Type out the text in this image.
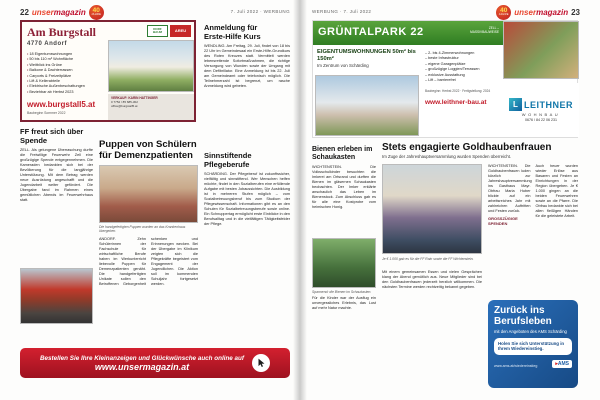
22 unsermagazin 40
JAHRE
7. Juli 2022 · WERBUNG
Am Burgstall
4770 Andorf
DORF
BAUM	AREU
• 18 Eigentumswohnungen
• 50 bis 110 m² Wohnfläche
• Weitblick ins Grüne
• Balkone & Dachterrassen
• Carports & Freizeitplätze
• Lift & Kellerabteile
• Elektrische Außenbeschattungen
• Beziehbar ab Herbst 2023
www.burgstall5.at
Baubeginn Sommer 2022
VERKAUF: KARIN HATTINGER
0 7752 / 85 685-302
office@burgstall5.at
FF freut sich über Spende
ZELL. Als gelungene Überraschung durfte die Freiwillige Feuerwehr Zell eine großzügige Spende entgegennehmen. Die Kameraden bedankten sich bei der Bevölkerung für die langjährige Unterstützung. Mit dem Betrag werden neue Ausrüstung angeschafft und die Jugendarbeit weiter gefördert. Die Übergabe fand im Rahmen eines gemütlichen Abends im Feuerwehrhaus statt.
Puppen von Schülern
für Demenzpatienten
Die handgefertigten Puppen wurden an das Krankenhaus übergeben.
ANDORF. Zehn Schülerinnen der Fachschule für wirtschaftliche Berufe haben im Werkunterricht liebevolle Puppen für Demenzpatienten genäht. Die handgefertigten Unikate sollen den Betroffenen Geborgenheit schenken und Erinnerungen wecken. Bei der Übergabe im Klinikum zeigten sich die Pflegekräfte begeistert vom Engagement der Jugendlichen. Die Aktion soll im kommenden Schuljahr fortgesetzt werden.
Anmeldung für
Erste-Hilfe Kurs
WENDLING. Am Freitag, 29. Juli, findet von 18 bis 22 Uhr im Gemeindesaal ein Erste-Hilfe-Grundkurs des Roten Kreuzes statt. Vermittelt werden lebensrettende Sofortmaßnahmen, die richtige Versorgung von Wunden sowie der Umgang mit dem Defibrillator. Eine Anmeldung ist bis 22. Juli am Gemeindeamt oder telefonisch möglich. Die Teilnehmerzahl ist begrenzt, um rasche Anmeldung wird gebeten.
Sinnstiftende
Pflegeberufe
SCHÄRDING. Der Pflegeberuf ist zukunftssicher, vielfältig und sinnstiftend. Wer Menschen helfen möchte, findet in den Sozialberufen eine erfüllende Aufgabe mit besten Jobaussichten. Die Ausbildung ist in mehreren Stufen möglich – vom Sozialbetreuungsberuf bis zum Studium der Pflegewissenschaft. Informationen gibt es an den Schulen für Sozialbetreuungsberufe sowie online. Ein Schnuppertag ermöglicht erste Einblicke in den Berufsalltag und in die vielfältigen Tätigkeitsfelder der Pflege.
Bestellen Sie Ihre Kleinanzeigen und Glückwünsche auch online auf
www.unsermagazin.at
WERBUNG · 7. Juli 2022	40
JAHRE unsermagazin 23
GRÜNTALPARK 22	ZELL –
MASSIVBAUWEISE
EIGENTUMSWOHNUNGEN 50m² bis 150m²
Im Zentrum von Schärding
– 2- bis 4-Zimmerwohnungen
– beste Infrastruktur
– eigene Garagenplätze
– großzügige Loggien/Terrassen
– exklusive Ausstattung
– Lift – barrierefrei
Baubeginn: Herbst 2022 · Fertigstellung: 2024
www.leithner-bau.at	L LEITHNER
WOHNBAU
0676 / 84 22 06 231
Bienen erleben im Schaukasten
WICHTENSTEIN. Die Volksschulkinder besuchten die Imkerei am Ortsrand und durften die Bienen im gläsernen Schaukasten beobachten. Der Imker erklärte anschaulich das Leben im Bienenstock. Zum Abschluss gab es für alle eine Kostprobe vom heimischen Honig.
Spannend: die Bienen im Schaukasten.
Für die Kinder war der Ausflug ein unvergessliches Erlebnis, das Lust auf mehr Natur machte.
Stets engagierte Goldhaubenfrauen
Im Zuge der Jahreshauptversammlung wurden Spenden überreicht.
Je € 1.000 gab es für die FF Rain sowie die FF Wichtenstein.
WICHTENSTEIN. Die Goldhaubenfrauen luden kürzlich zur Jahreshauptversammlung ins Gasthaus Mayr. Obfrau Maria Huber blickte auf ein arbeitsreiches Jahr mit zahlreichen Auftritten und Festen zurück.
GROSSZÜGIGE SPENDEN
Auch heuer wurden wieder Erlöse aus Basaren und Festen an Einrichtungen in der Region übergeben. Je € 1.000 gingen an die beiden Feuerwehren sowie an die Pfarre. Die Obfrau bedankte sich bei allen fleißigen Händen für die geleistete Arbeit.
Mit einem gemeinsamen Essen und vielen Gesprächen klang der Abend gemütlich aus. Neue Mitglieder sind bei den Goldhaubenfrauen jederzeit herzlich willkommen. Die nächsten Termine werden rechtzeitig bekannt gegeben.
Zurück ins
Berufsleben
mit den Angeboten des AMS Schärding
Holen Sie sich Unterstützung in Ihrem Wiedereinstieg.
www.ams.at/wiedereinstieg	▸AMS
